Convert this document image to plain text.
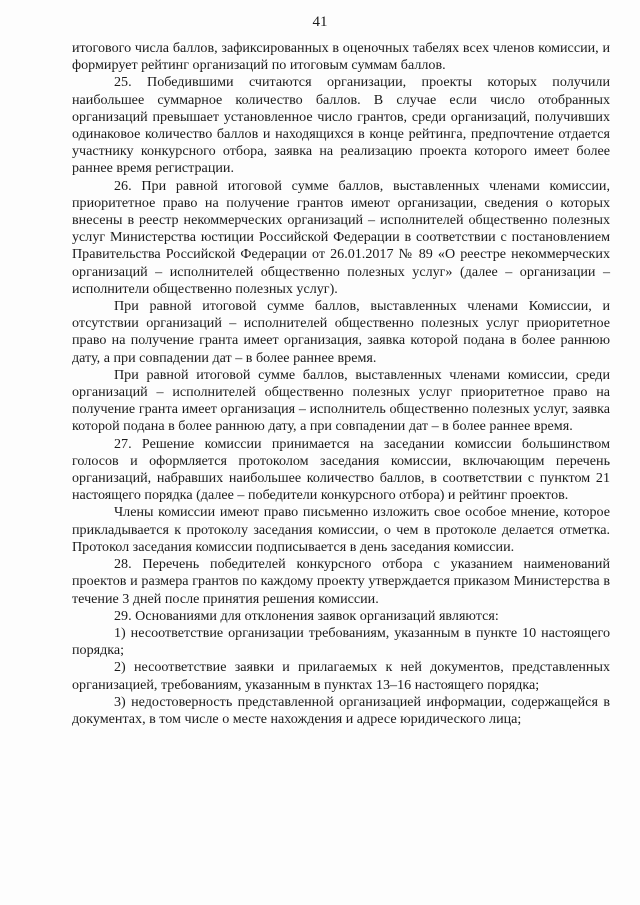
41

итогового числа баллов, зафиксированных в оценочных табелях всех членов комиссии, и формирует рейтинг организаций по итоговым суммам баллов.

25. Победившими считаются организации, проекты которых получили наибольшее суммарное количество баллов. В случае если число отобранных организаций превышает установленное число грантов, среди организаций, получивших одинаковое количество баллов и находящихся в конце рейтинга, предпочтение отдается участнику конкурсного отбора, заявка на реализацию проекта которого имеет более раннее время регистрации.

26. При равной итоговой сумме баллов, выставленных членами комиссии, приоритетное право на получение грантов имеют организации, сведения о которых внесены в реестр некоммерческих организаций – исполнителей общественно полезных услуг Министерства юстиции Российской Федерации в соответствии с постановлением Правительства Российской Федерации от 26.01.2017 № 89 «О реестре некоммерческих организаций – исполнителей общественно полезных услуг» (далее – организации – исполнители общественно полезных услуг).

При равной итоговой сумме баллов, выставленных членами Комиссии, и отсутствии организаций – исполнителей общественно полезных услуг приоритетное право на получение гранта имеет организация, заявка которой подана в более раннюю дату, а при совпадении дат – в более раннее время.

При равной итоговой сумме баллов, выставленных членами комиссии, среди организаций – исполнителей общественно полезных услуг приоритетное право на получение гранта имеет организация – исполнитель общественно полезных услуг, заявка которой подана в более раннюю дату, а при совпадении дат – в более раннее время.

27. Решение комиссии принимается на заседании комиссии большинством голосов и оформляется протоколом заседания комиссии, включающим перечень организаций, набравших наибольшее количество баллов, в соответствии с пунктом 21 настоящего порядка (далее – победители конкурсного отбора) и рейтинг проектов.

Члены комиссии имеют право письменно изложить свое особое мнение, которое прикладывается к протоколу заседания комиссии, о чем в протоколе делается отметка. Протокол заседания комиссии подписывается в день заседания комиссии.

28. Перечень победителей конкурсного отбора с указанием наименований проектов и размера грантов по каждому проекту утверждается приказом Министерства в течение 3 дней после принятия решения комиссии.

29. Основаниями для отклонения заявок организаций являются:

1) несоответствие организации требованиям, указанным в пункте 10 настоящего порядка;

2) несоответствие заявки и прилагаемых к ней документов, представленных организацией, требованиям, указанным в пунктах 13–16 настоящего порядка;

3) недостоверность представленной организацией информации, содержащейся в документах, в том числе о месте нахождения и адресе юридического лица;
